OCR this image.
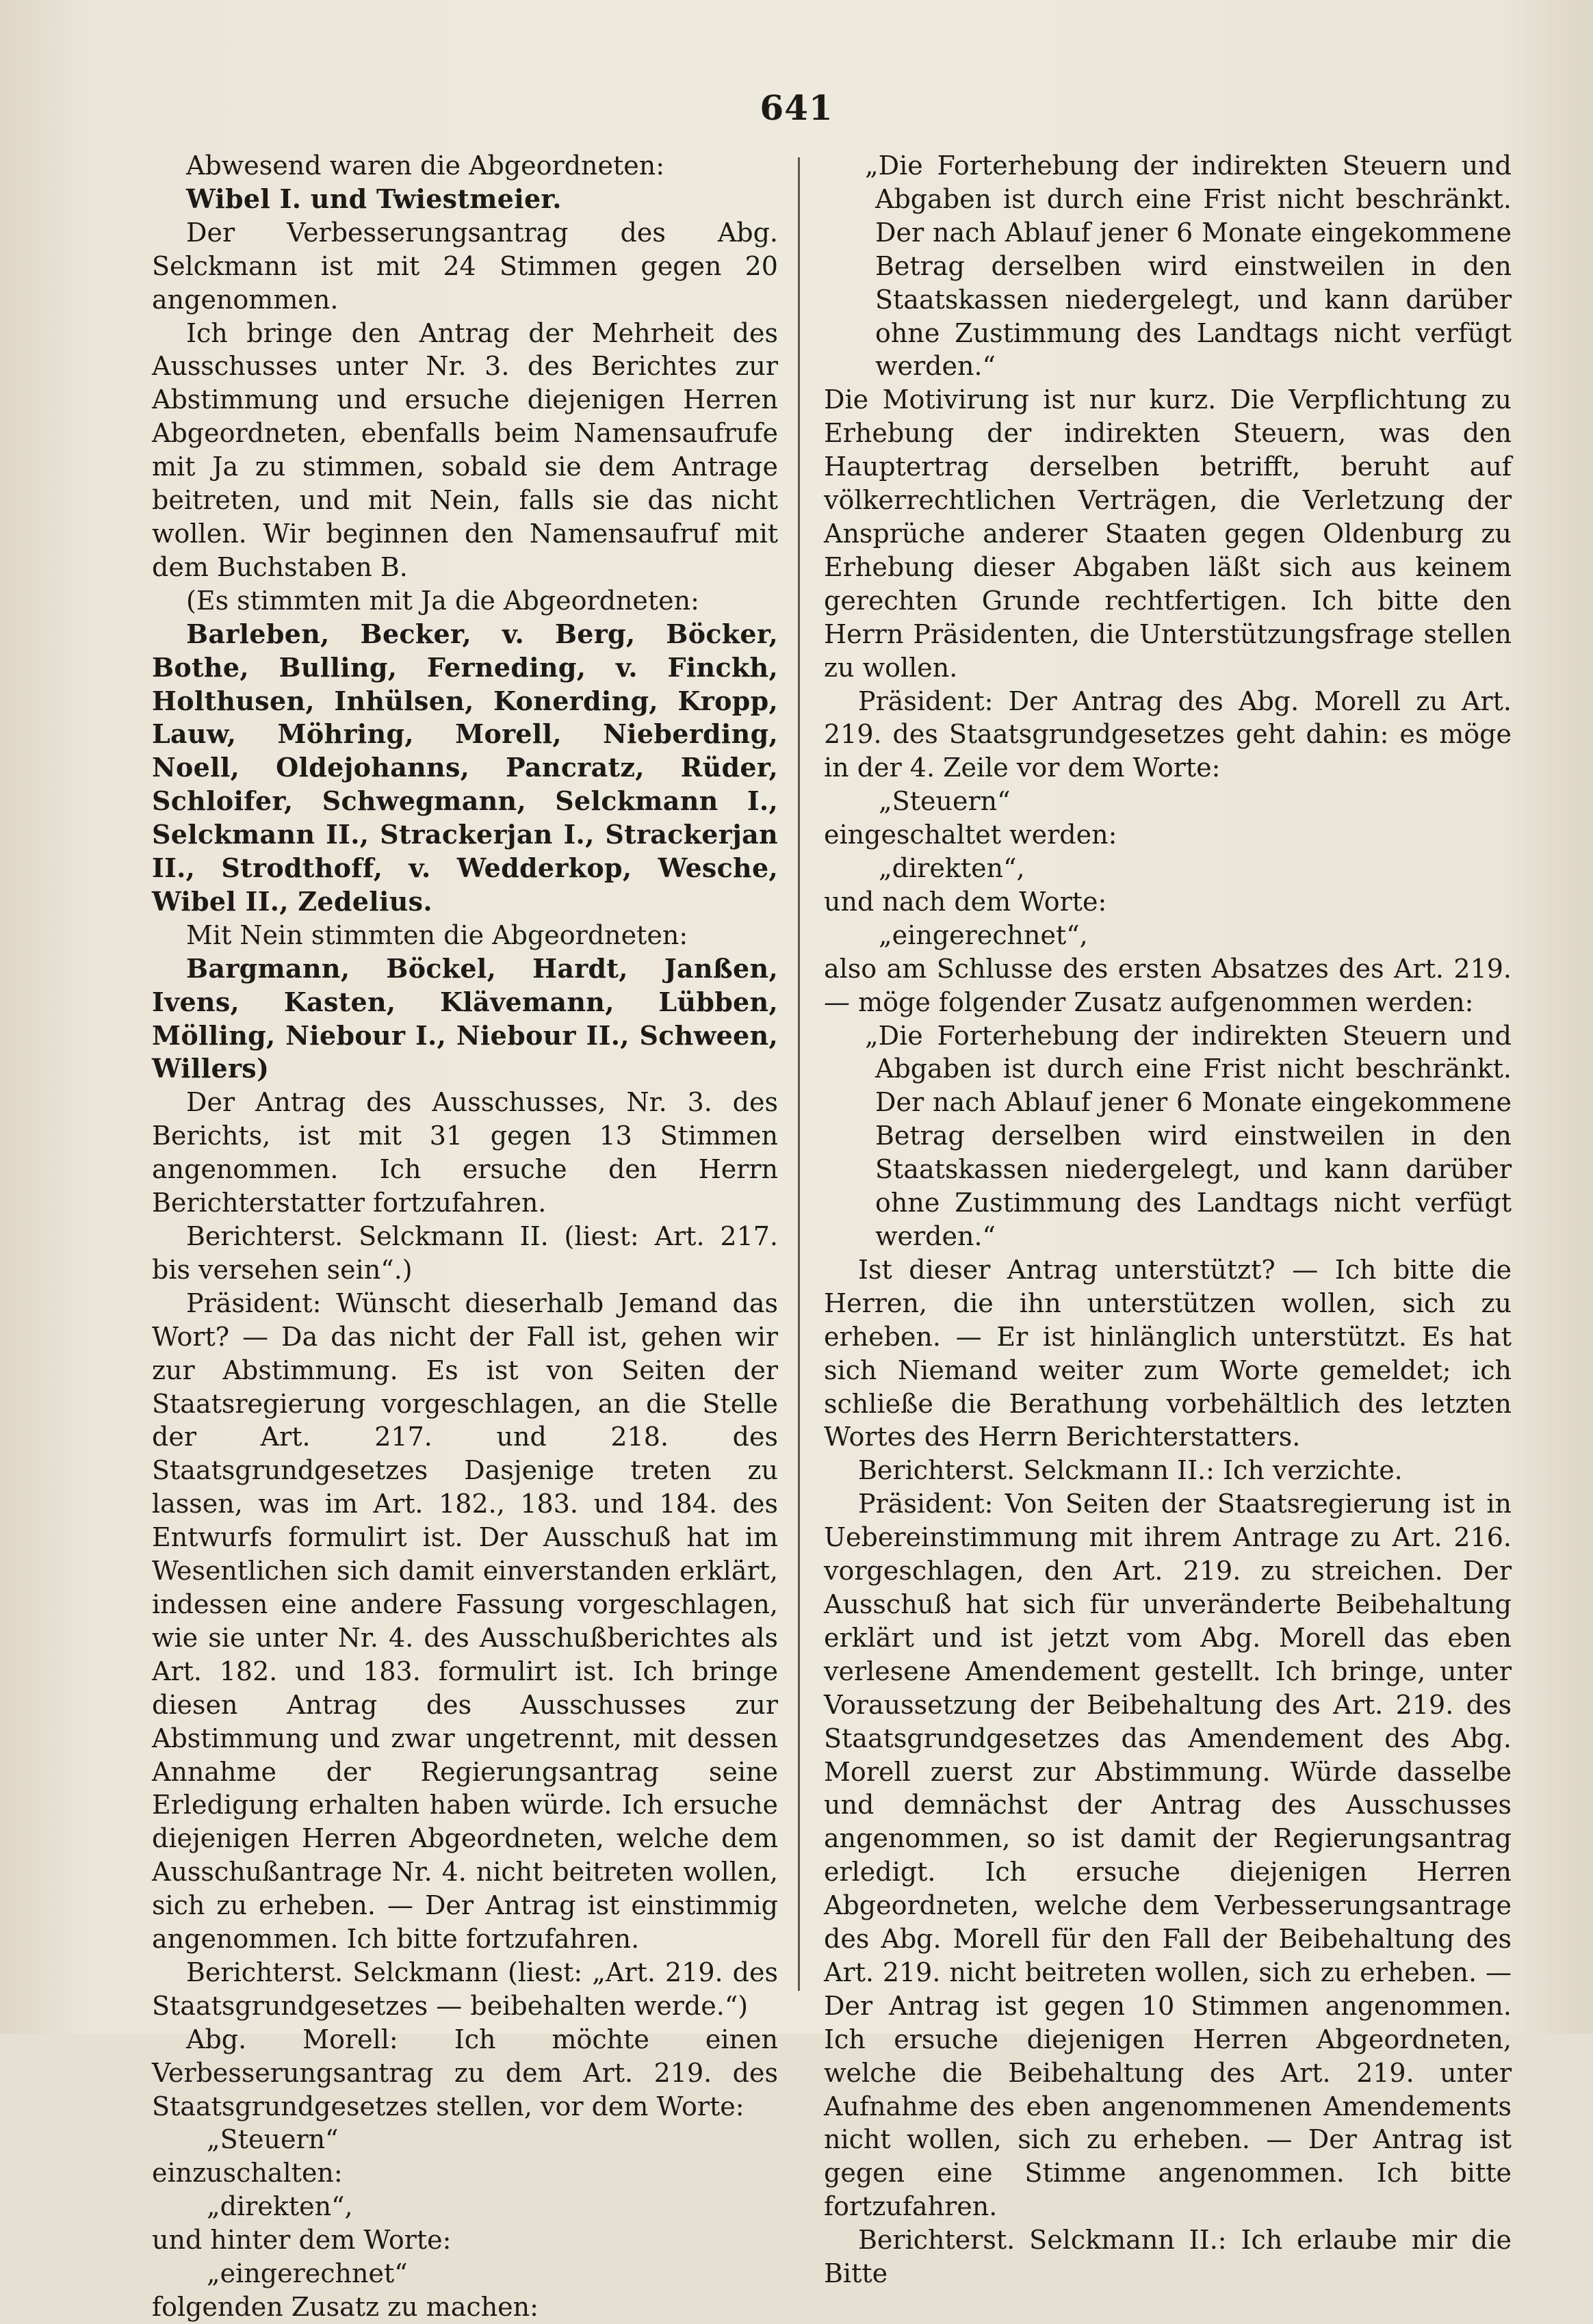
641

Abwesend waren die Abgeordneten:

Wibel I. und Twiestmeier.

Der Verbesserungsantrag des Abg. Selckmann ist mit 24 Stimmen gegen 20 angenommen.

Ich bringe den Antrag der Mehrheit des Ausschusses unter Nr. 3. des Berichtes zur Abstimmung und ersuche diejenigen Herren Abgeordneten, ebenfalls beim Namensaufrufe mit Ja zu stimmen, sobald sie dem Antrage beitreten, und mit Nein, falls sie das nicht wollen. Wir beginnen den Namensaufruf mit dem Buchstaben B.

(Es stimmten mit Ja die Abgeordneten:

Barleben, Becker, v. Berg, Böcker, Bothe, Bulling, Ferneding, v. Finckh, Holthusen, Inhülsen, Konerding, Kropp, Lauw, Möhring, Morell, Nieberding, Noell, Oldejohanns, Pancratz, Rüder, Schloifer, Schwegmann, Selckmann I., Selckmann II., Strackerjan I., Strackerjan II., Strodthoff, v. Wedderkop, Wesche, Wibel II., Zedelius.

Mit Nein stimmten die Abgeordneten:

Bargmann, Böckel, Hardt, Janßen, Ivens, Kasten, Klävemann, Lübben, Mölling, Niebour I., Niebour II., Schween, Willers)

Der Antrag des Ausschusses, Nr. 3. des Berichts, ist mit 31 gegen 13 Stimmen angenommen. Ich ersuche den Herrn Berichterstatter fortzufahren.

Berichterst. Selckmann II. (liest: Art. 217. bis versehen sein“.)

Präsident: Wünscht dieserhalb Jemand das Wort? — Da das nicht der Fall ist, gehen wir zur Abstimmung. Es ist von Seiten der Staatsregierung vorgeschlagen, an die Stelle der Art. 217. und 218. des Staatsgrundgesetzes Dasjenige treten zu lassen, was im Art. 182., 183. und 184. des Entwurfs formulirt ist. Der Ausschuß hat im Wesentlichen sich damit einverstanden erklärt, indessen eine andere Fassung vorgeschlagen, wie sie unter Nr. 4. des Ausschußberichtes als Art. 182. und 183. formulirt ist. Ich bringe diesen Antrag des Ausschusses zur Abstimmung und zwar ungetrennt, mit dessen Annahme der Regierungsantrag seine Erledigung erhalten haben würde. Ich ersuche diejenigen Herren Abgeordneten, welche dem Ausschußantrage Nr. 4. nicht beitreten wollen, sich zu erheben. — Der Antrag ist einstimmig angenommen. Ich bitte fortzufahren.

Berichterst. Selckmann (liest: „Art. 219. des Staatsgrundgesetzes — beibehalten werde.“)

Abg. Morell: Ich möchte einen Verbesserungsantrag zu dem Art. 219. des Staatsgrundgesetzes stellen, vor dem Worte:

„Steuern“

einzuschalten:

„direkten“,

und hinter dem Worte:

„eingerechnet“

folgenden Zusatz zu machen:

„Die Forterhebung der indirekten Steuern und Abgaben ist durch eine Frist nicht beschränkt. Der nach Ablauf jener 6 Monate eingekommene Betrag derselben wird einstweilen in den Staatskassen niedergelegt, und kann darüber ohne Zustimmung des Landtags nicht verfügt werden.“

Die Motivirung ist nur kurz. Die Verpflichtung zu Erhebung der indirekten Steuern, was den Hauptertrag derselben betrifft, beruht auf völkerrechtlichen Verträgen, die Verletzung der Ansprüche anderer Staaten gegen Oldenburg zu Erhebung dieser Abgaben läßt sich aus keinem gerechten Grunde rechtfertigen. Ich bitte den Herrn Präsidenten, die Unterstützungsfrage stellen zu wollen.

Präsident: Der Antrag des Abg. Morell zu Art. 219. des Staatsgrundgesetzes geht dahin: es möge in der 4. Zeile vor dem Worte:

„Steuern“

eingeschaltet werden:

„direkten“,

und nach dem Worte:

„eingerechnet“,

also am Schlusse des ersten Absatzes des Art. 219. — möge folgender Zusatz aufgenommen werden:

„Die Forterhebung der indirekten Steuern und Abgaben ist durch eine Frist nicht beschränkt. Der nach Ablauf jener 6 Monate eingekommene Betrag derselben wird einstweilen in den Staatskassen niedergelegt, und kann darüber ohne Zustimmung des Landtags nicht verfügt werden.“

Ist dieser Antrag unterstützt? — Ich bitte die Herren, die ihn unterstützen wollen, sich zu erheben. — Er ist hinlänglich unterstützt. Es hat sich Niemand weiter zum Worte gemeldet; ich schließe die Berathung vorbehältlich des letzten Wortes des Herrn Berichterstatters.

Berichterst. Selckmann II.: Ich verzichte.

Präsident: Von Seiten der Staatsregierung ist in Uebereinstimmung mit ihrem Antrage zu Art. 216. vorgeschlagen, den Art. 219. zu streichen. Der Ausschuß hat sich für unveränderte Beibehaltung erklärt und ist jetzt vom Abg. Morell das eben verlesene Amendement gestellt. Ich bringe, unter Voraussetzung der Beibehaltung des Art. 219. des Staatsgrundgesetzes das Amendement des Abg. Morell zuerst zur Abstimmung. Würde dasselbe und demnächst der Antrag des Ausschusses angenommen, so ist damit der Regierungsantrag erledigt. Ich ersuche diejenigen Herren Abgeordneten, welche dem Verbesserungsantrage des Abg. Morell für den Fall der Beibehaltung des Art. 219. nicht beitreten wollen, sich zu erheben. — Der Antrag ist gegen 10 Stimmen angenommen. Ich ersuche diejenigen Herren Abgeordneten, welche die Beibehaltung des Art. 219. unter Aufnahme des eben angenommenen Amendements nicht wollen, sich zu erheben. — Der Antrag ist gegen eine Stimme angenommen. Ich bitte fortzufahren.

Berichterst. Selckmann II.: Ich erlaube mir die Bitte
